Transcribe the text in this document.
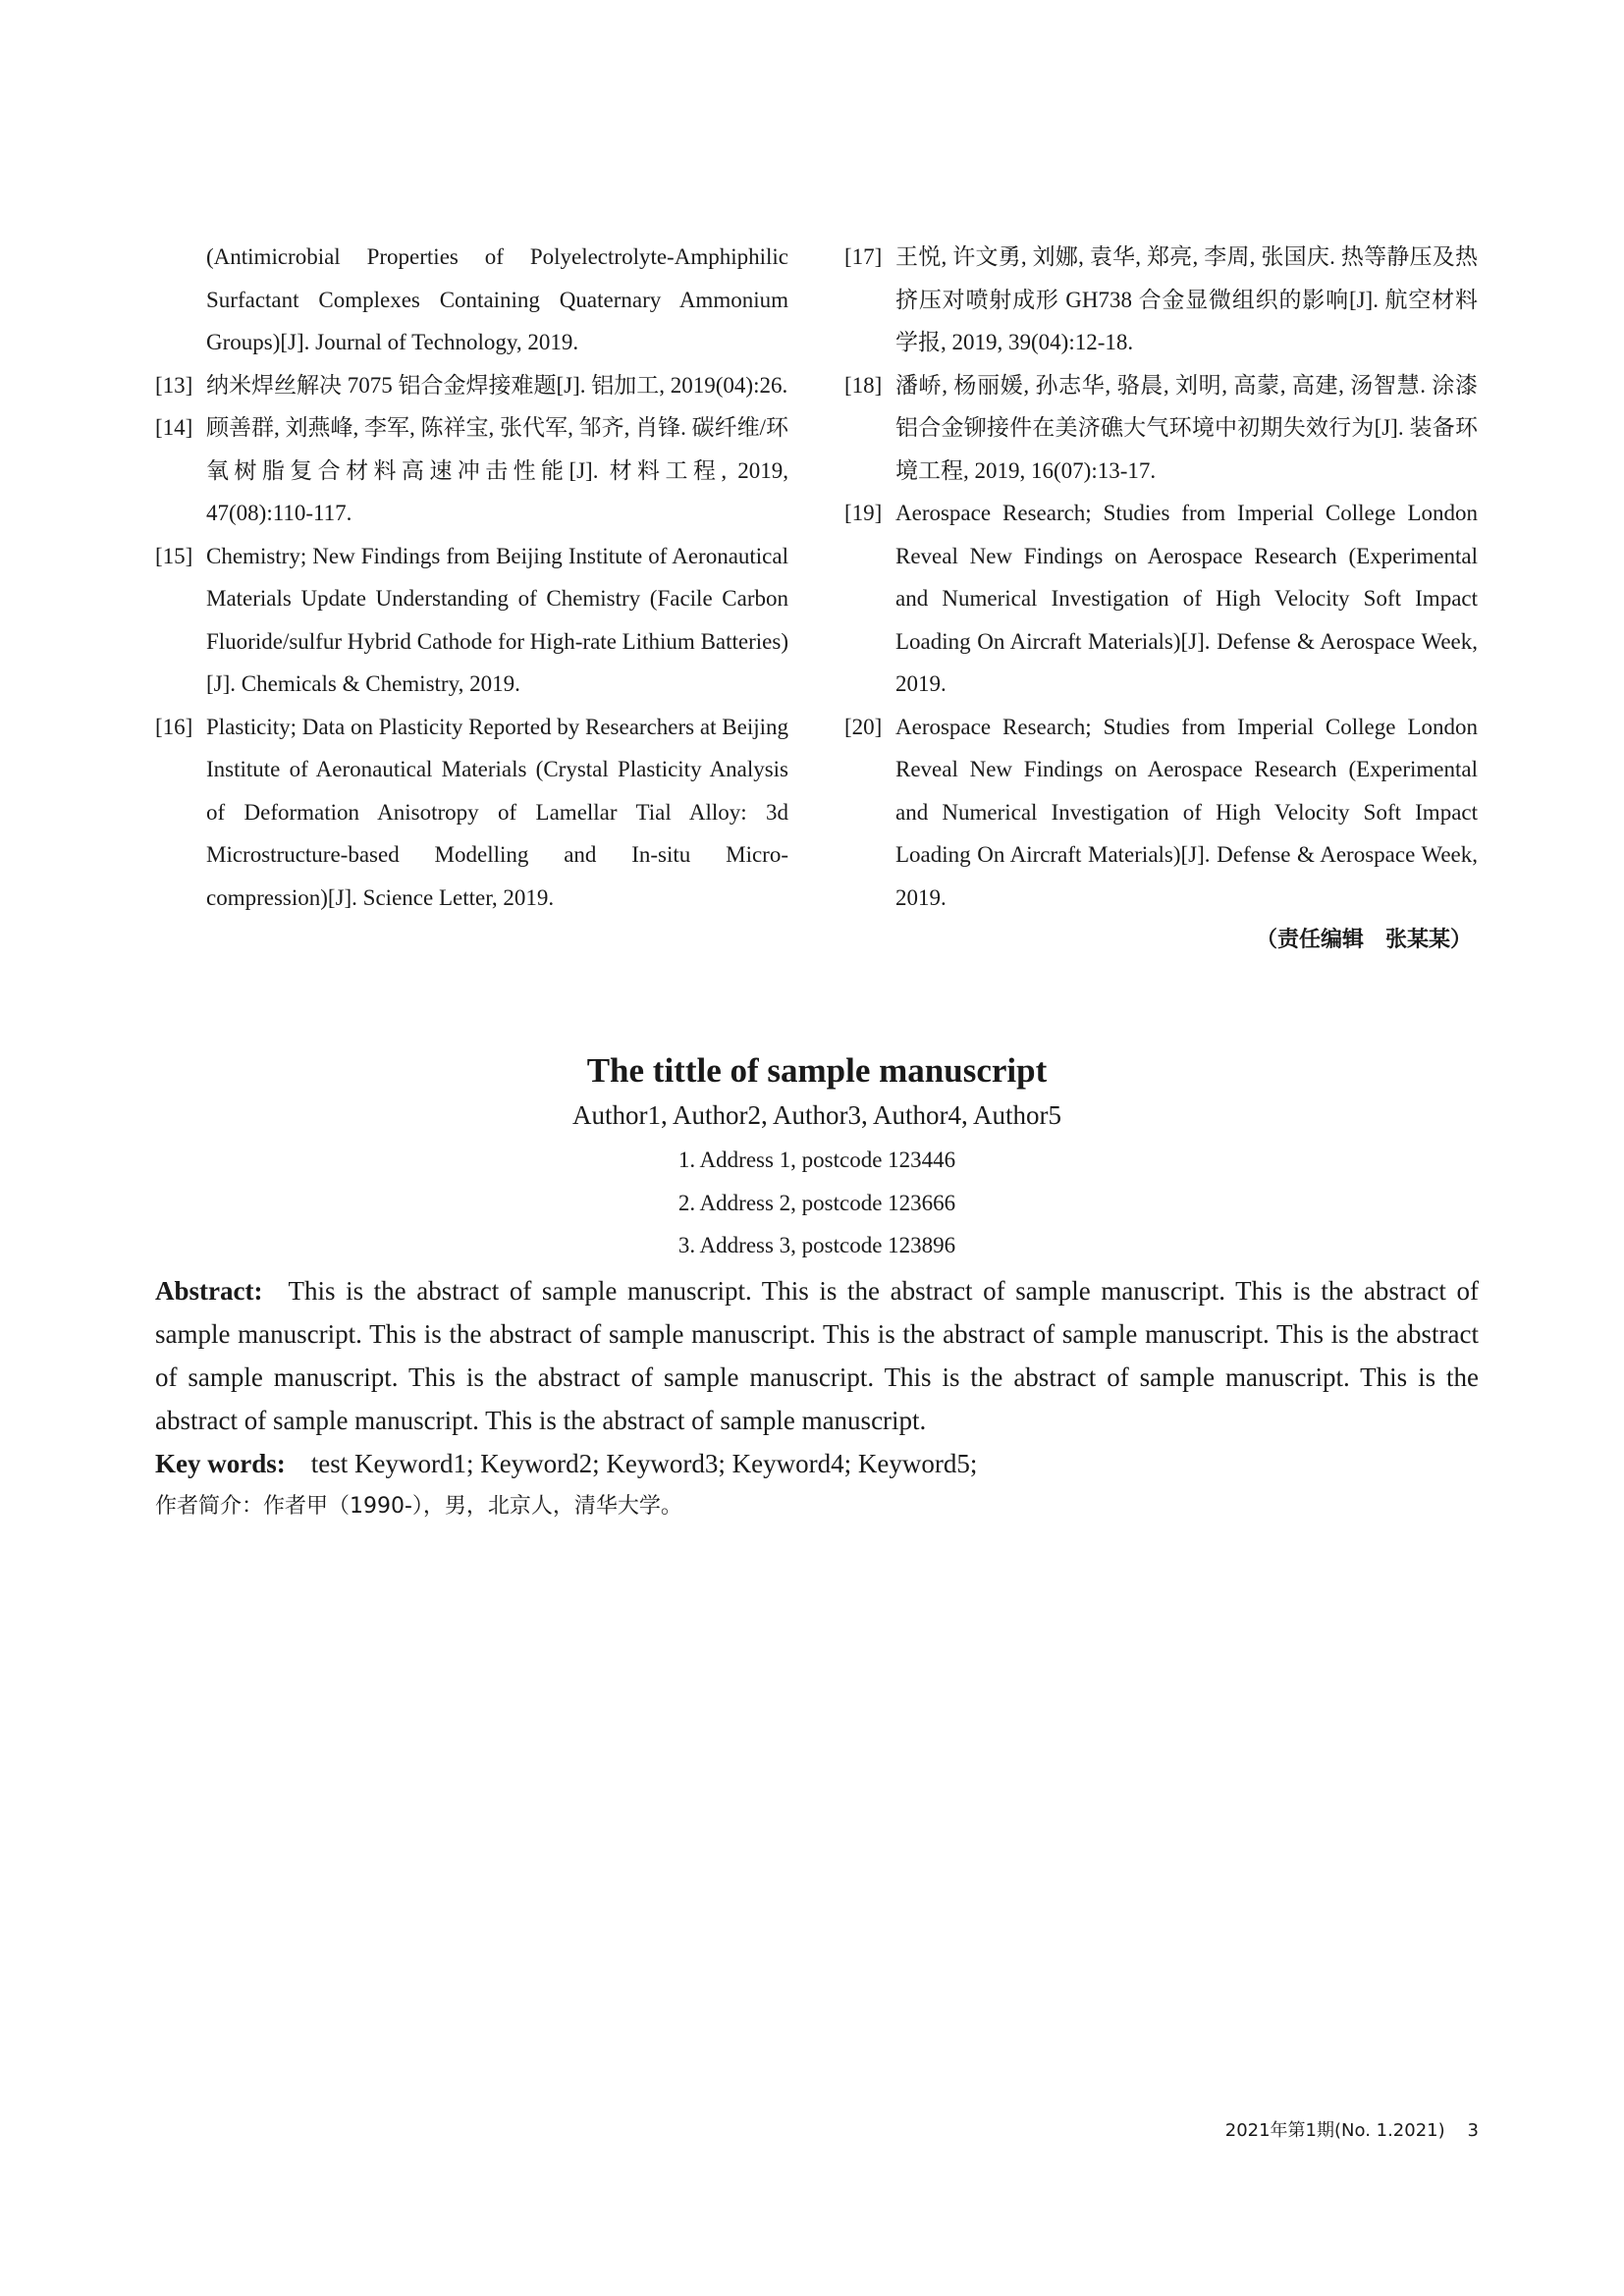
(Antimicrobial Properties of Polyelectrolyte-Amphiphilic Surfactant Complexes Containing Quaternary Ammonium Groups)[J]. Journal of Technology, 2019.
[13] 纳米焊丝解决 7075 铝合金焊接难题[J]. 铝加工, 2019(04):26.
[14] 顾善群, 刘燕峰, 李军, 陈祥宝, 张代军, 邹齐, 肖锋. 碳纤维/环氧树脂复合材料高速冲击性能[J]. 材料工程, 2019, 47(08):110-117.
[15] Chemistry; New Findings from Beijing Institute of Aeronautical Materials Update Understanding of Chemistry (Facile Carbon Fluoride/sulfur Hybrid Cathode for High-rate Lithium Batteries)[J]. Chemicals & Chemistry, 2019.
[16] Plasticity; Data on Plasticity Reported by Researchers at Beijing Institute of Aeronautical Materials (Crystal Plasticity Analysis of Deformation Anisotropy of Lamellar Tial Alloy: 3d Microstructure-based Modelling and In-situ Micro-compression)[J]. Science Letter, 2019.
[17] 王悦, 许文勇, 刘娜, 袁华, 郑亮, 李周, 张国庆. 热等静压及热挤压对喷射成形 GH738 合金显微组织的影响[J]. 航空材料学报, 2019, 39(04):12-18.
[18] 潘峤, 杨丽媛, 孙志华, 骆晨, 刘明, 高蒙, 高建, 汤智慧. 涂漆铝合金铆接件在美济礁大气环境中初期失效行为[J]. 装备环境工程, 2019, 16(07):13-17.
[19] Aerospace Research; Studies from Imperial College London Reveal New Findings on Aerospace Research (Experimental and Numerical Investigation of High Velocity Soft Impact Loading On Aircraft Materials)[J]. Defense & Aerospace Week, 2019.
[20] Aerospace Research; Studies from Imperial College London Reveal New Findings on Aerospace Research (Experimental and Numerical Investigation of High Velocity Soft Impact Loading On Aircraft Materials)[J]. Defense & Aerospace Week, 2019.
（责任编辑　张某某）
The tittle of sample manuscript
Author1, Author2, Author3, Author4, Author5
1. Address 1, postcode 123446
2. Address 2, postcode 123666
3. Address 3, postcode 123896
Abstract: This is the abstract of sample manuscript. This is the abstract of sample manuscript. This is the abstract of sample manuscript. This is the abstract of sample manuscript. This is the abstract of sample manuscript. This is the abstract of sample manuscript. This is the abstract of sample manuscript. This is the abstract of sample manuscript. This is the abstract of sample manuscript. This is the abstract of sample manuscript.
Key words: test Keyword1; Keyword2; Keyword3; Keyword4; Keyword5;
作者简介：作者甲（1990-），男，北京人，清华大学。
2021年第1期(No. 1.2021) 3
